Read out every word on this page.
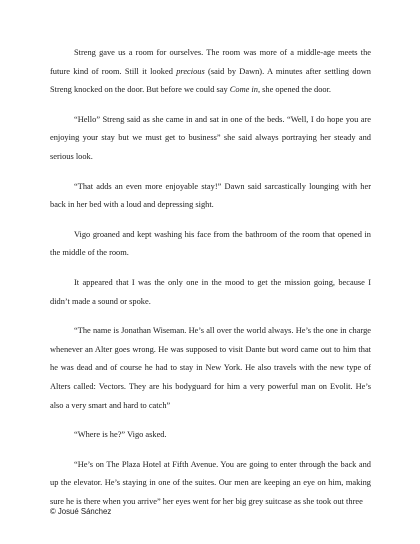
Streng gave us a room for ourselves. The room was more of a middle-age meets the future kind of room. Still it looked precious (said by Dawn). A minutes after settling down Streng knocked on the door. But before we could say Come in, she opened the door.

“Hello” Streng said as she came in and sat in one of the beds. “Well, I do hope you are enjoying your stay but we must get to business” she said always portraying her steady and serious look.

“That adds an even more enjoyable stay!” Dawn said sarcastically lounging with her back in her bed with a loud and depressing sight.

Vigo groaned and kept washing his face from the bathroom of the room that opened in the middle of the room.

It appeared that I was the only one in the mood to get the mission going, because I didn’t made a sound or spoke.

“The name is Jonathan Wiseman. He’s all over the world always. He’s the one in charge whenever an Alter goes wrong. He was supposed to visit Dante but word came out to him that he was dead and of course he had to stay in New York. He also travels with the new type of Alters called: Vectors. They are his bodyguard for him a very powerful man on Evolit. He’s also a very smart and hard to catch”

“Where is he?” Vigo asked.

“He’s on The Plaza Hotel at Fifth Avenue. You are going to enter through the back and up the elevator. He’s staying in one of the suites. Our men are keeping an eye on him, making sure he is there when you arrive” her eyes went for her big grey suitcase as she took out three

© Josué Sánchez
